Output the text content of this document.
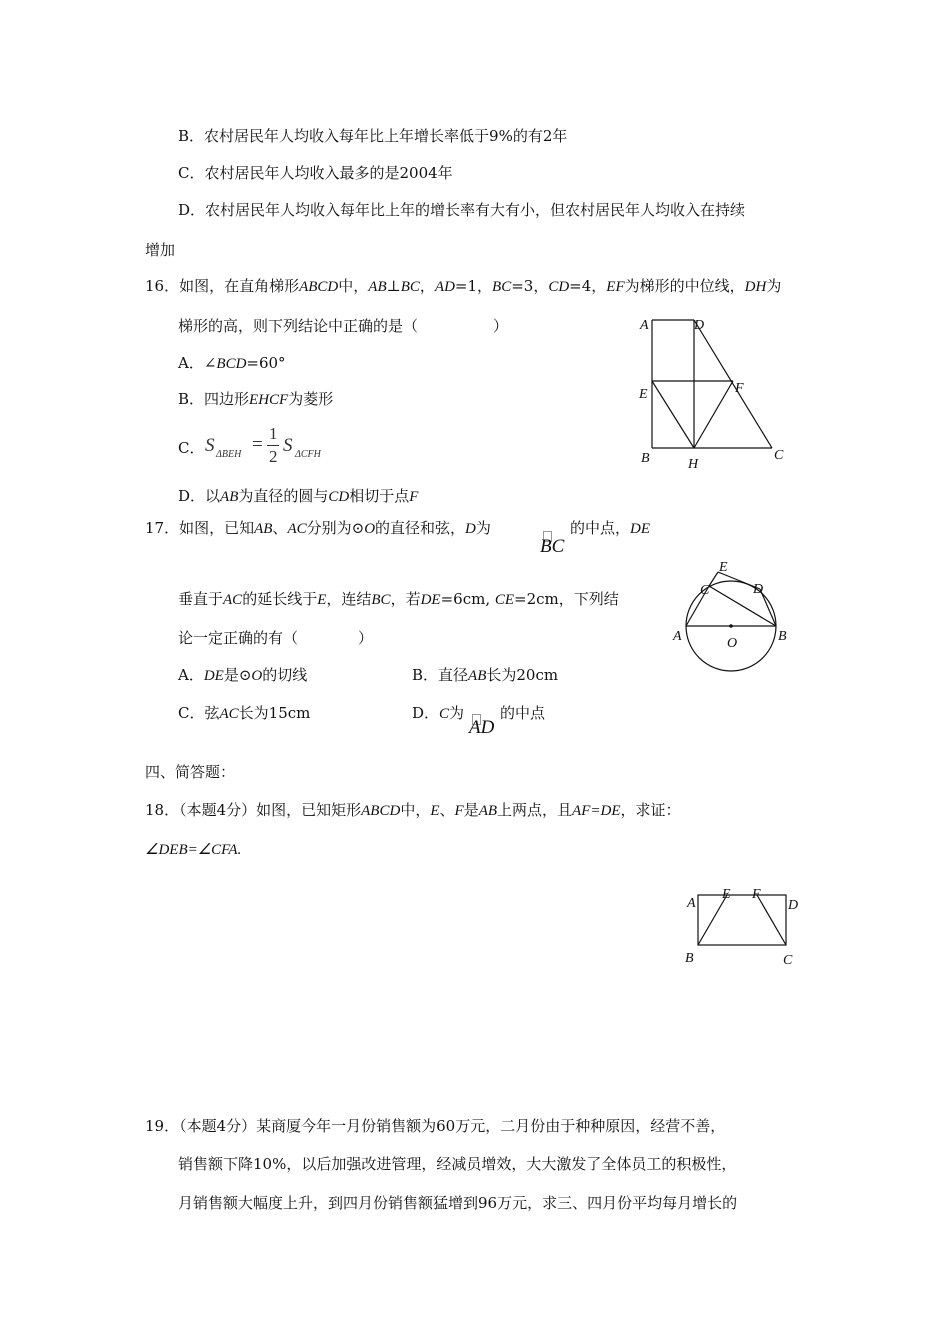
B．农村居民年人均收入每年比上年增长率低于9%的有2年
C．农村居民年人均收入最多的是2004年
D．农村居民年人均收入每年比上年的增长率有大有小，但农村居民年人均收入在持续
增加
16．如图，在直角梯形ABCD中，AB⊥BC，AD=1，BC=3，CD=4，EF为梯形的中位线，DH为
梯形的高，则下列结论中正确的是（　　　　　）
A．∠BCD=60°
B．四边形EHCF为菱形
C． S ΔBEH =
1
2
S ΔCFH
D．以AB为直径的圆与CD相切于点F
A	D
E	F
B	H
C
17．如图，已知AB、AC分别为⊙O的直径和弦，D为
BC
的中点，DE
垂直于AC的延长线于E，连结BC，若DE=6cm, CE=2cm，下列结
论一定正确的有（　　　　）
A．DE是⊙O的切线	B．直径AB长为20cm
C．弦AC长为15cm	D．C为
AD
的中点
E
C	D
A	O	B
四、简答题：
18．（本题4分）如图，已知矩形ABCD中，E、F是AB上两点，且AF=DE，求证：
∠DEB=∠CFA.
A
E F
D
B	C
19．（本题4分）某商厦今年一月份销售额为60万元，二月份由于种种原因，经营不善，
销售额下降10%，以后加强改进管理，经减员增效，大大激发了全体员工的积极性，
月销售额大幅度上升，到四月份销售额猛增到96万元，求三、四月份平均每月增长的
